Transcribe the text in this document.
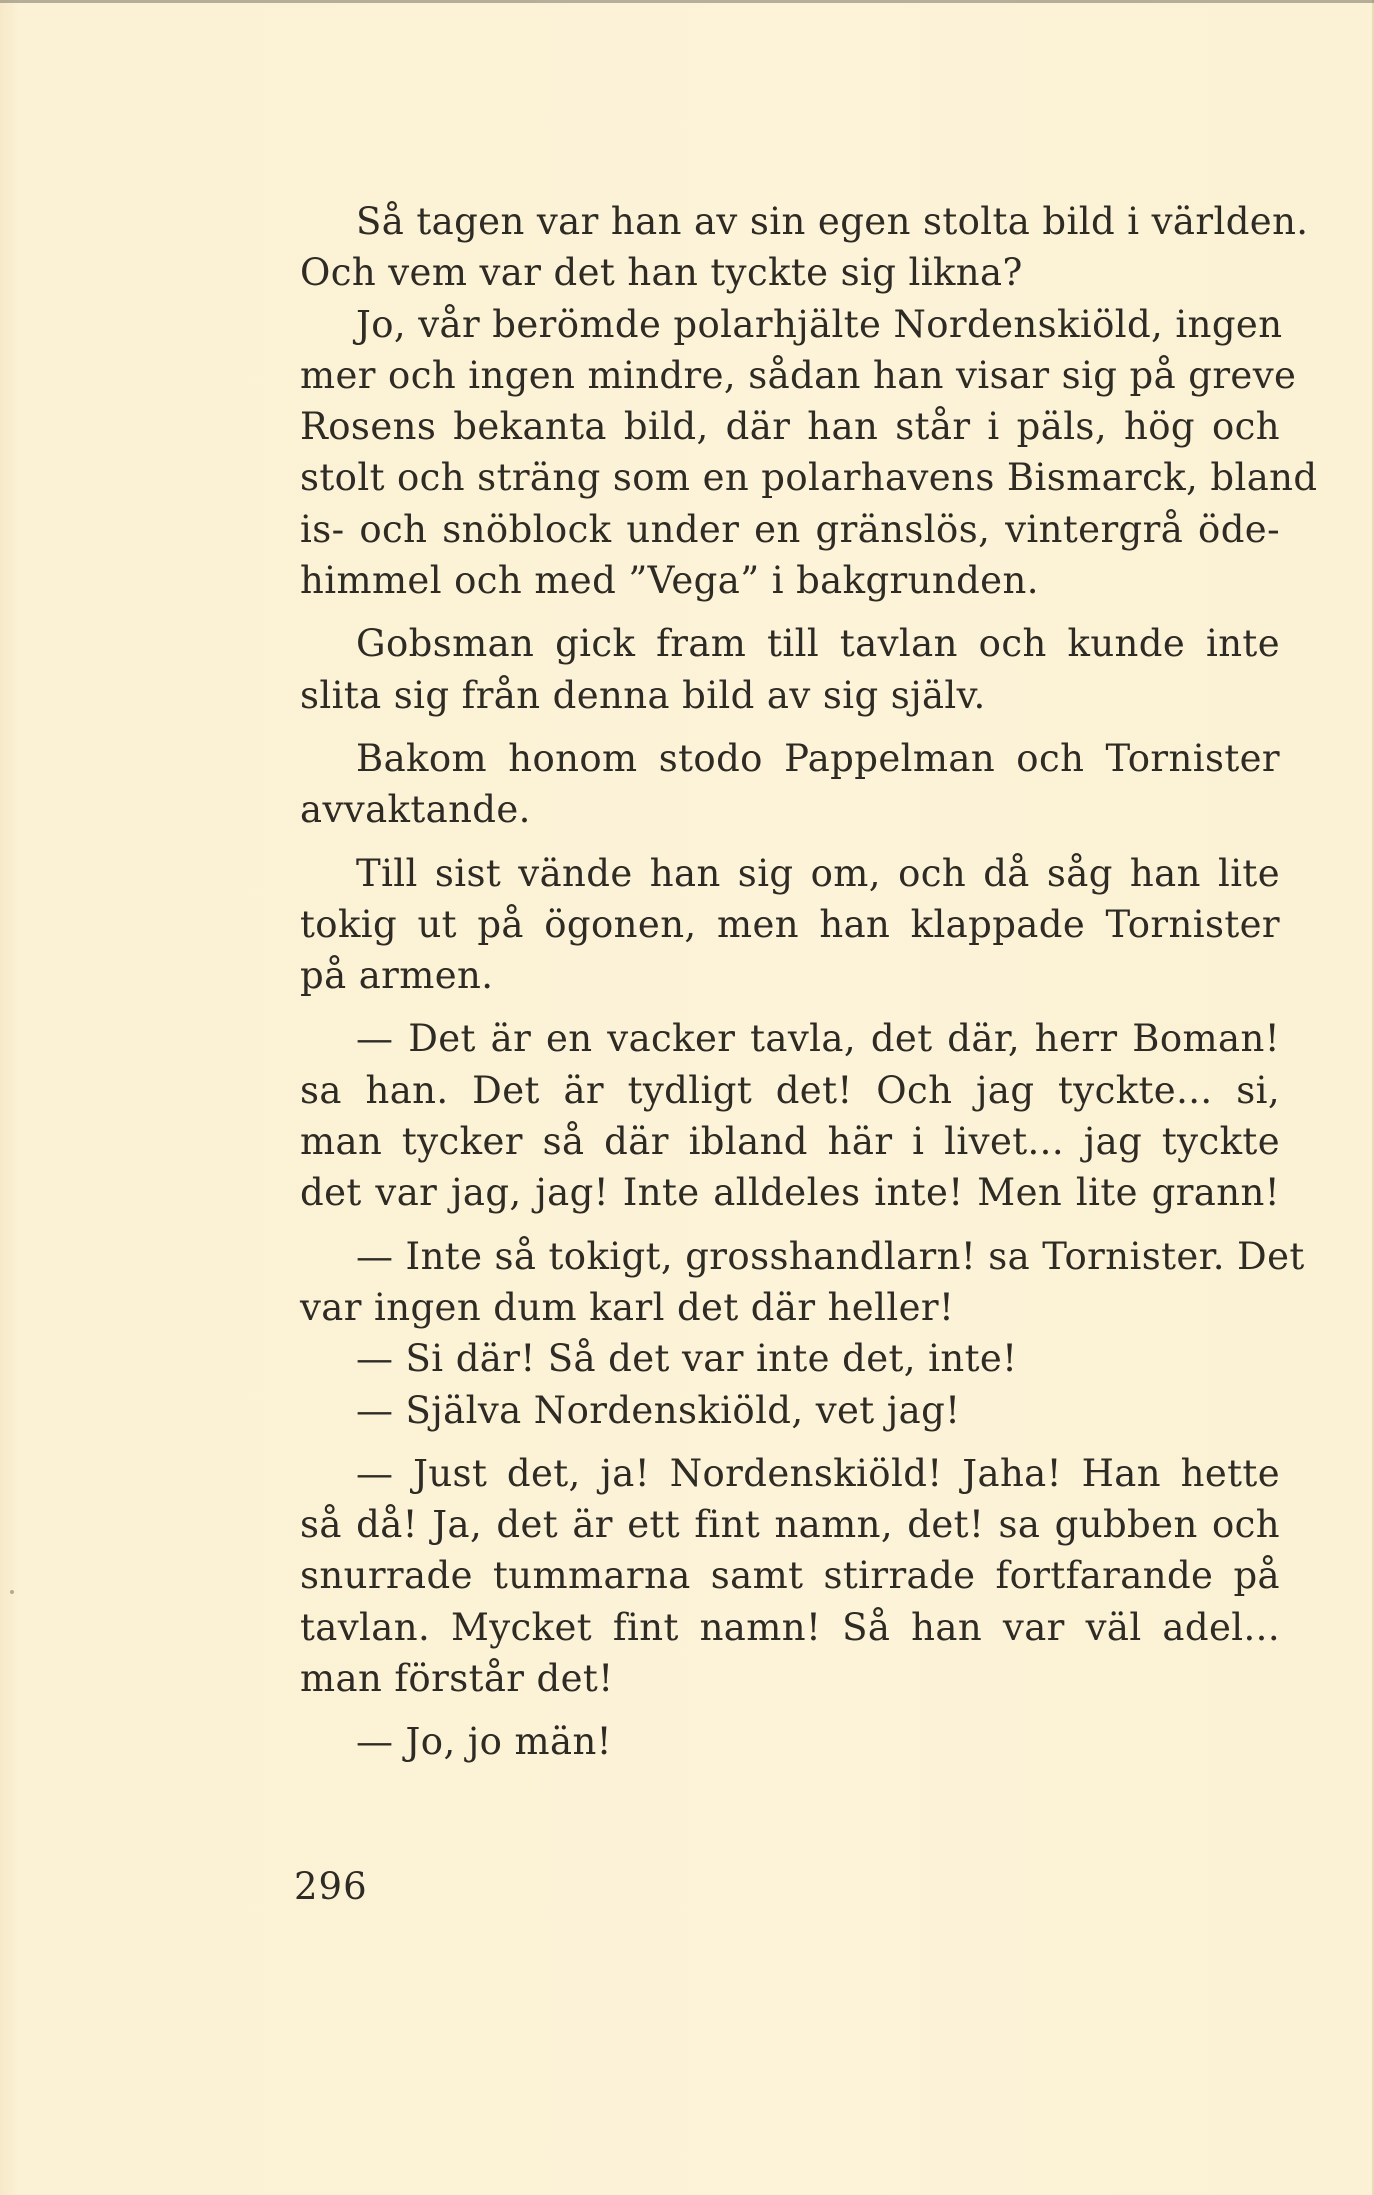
Så tagen var han av sin egen stolta bild i världen.
Och vem var det han tyckte sig likna?
Jo, vår berömde polarhjälte Nordenskiöld, ingen
mer och ingen mindre, sådan han visar sig på greve
Rosens bekanta bild, där han står i päls, hög och
stolt och sträng som en polarhavens Bismarck, bland
is- och snöblock under en gränslös, vintergrå öde-
himmel och med ”Vega” i bakgrunden.
Gobsman gick fram till tavlan och kunde inte
slita sig från denna bild av sig själv.
Bakom honom stodo Pappelman och Tornister
avvaktande.
Till sist vände han sig om, och då såg han lite
tokig ut på ögonen, men han klappade Tornister
på armen.
— Det är en vacker tavla, det där, herr Boman!
sa han. Det är tydligt det! Och jag tyckte... si,
man tycker så där ibland här i livet... jag tyckte
det var jag, jag! Inte alldeles inte! Men lite grann!
— Inte så tokigt, grosshandlarn! sa Tornister. Det
var ingen dum karl det där heller!
— Si där! Så det var inte det, inte!
— Själva Nordenskiöld, vet jag!
— Just det, ja! Nordenskiöld! Jaha! Han hette
så då! Ja, det är ett fint namn, det! sa gubben och
snurrade tummarna samt stirrade fortfarande på
tavlan. Mycket fint namn! Så han var väl adel...
man förstår det!
— Jo, jo män!
296
